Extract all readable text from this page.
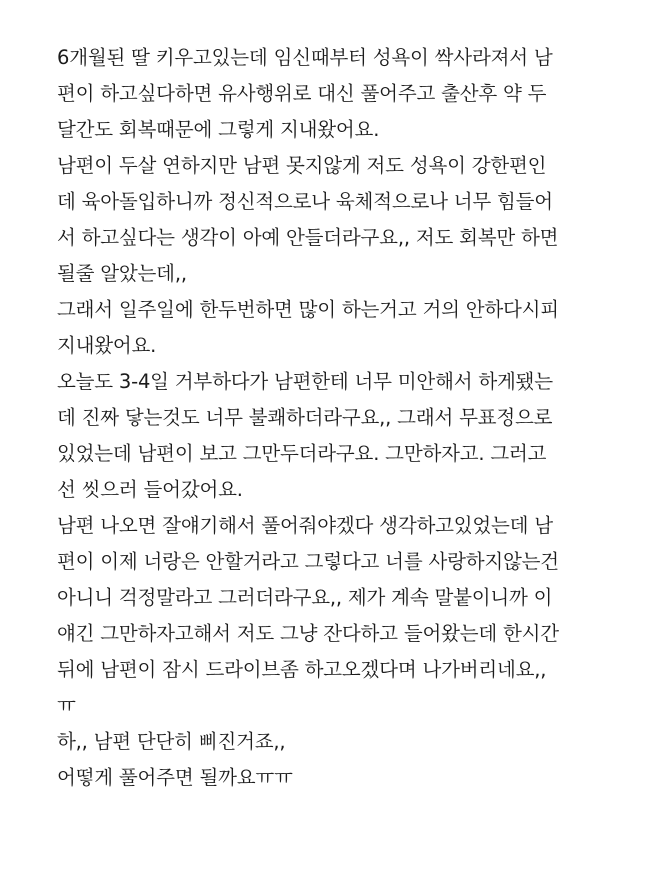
6개월된 딸 키우고있는데 임신때부터 성욕이 싹사라져서 남
편이 하고싶다하면 유사행위로 대신 풀어주고 출산후 약 두
달간도 회복때문에 그렇게 지내왔어요.
남편이 두살 연하지만 남편 못지않게 저도 성욕이 강한편인
데 육아돌입하니까 정신적으로나 육체적으로나 너무 힘들어
서 하고싶다는 생각이 아예 안들더라구요,, 저도 회복만 하면
될줄 알았는데,,
그래서 일주일에 한두번하면 많이 하는거고 거의 안하다시피
지내왔어요.
오늘도 3-4일 거부하다가 남편한테 너무 미안해서 하게됐는
데 진짜 닿는것도 너무 불쾌하더라구요,, 그래서 무표정으로
있었는데 남편이 보고 그만두더라구요. 그만하자고. 그러고
선 씻으러 들어갔어요.
남편 나오면 잘얘기해서 풀어줘야겠다 생각하고있었는데 남
편이 이제 너랑은 안할거라고 그렇다고 너를 사랑하지않는건
아니니 걱정말라고 그러더라구요,, 제가 계속 말붙이니까 이
얘긴 그만하자고해서 저도 그냥 잔다하고 들어왔는데 한시간
뒤에 남편이 잠시 드라이브좀 하고오겠다며 나가버리네요,,
ㅠ
하,, 남편 단단히 삐진거죠,,
어떻게 풀어주면 될까요ㅠㅠ
